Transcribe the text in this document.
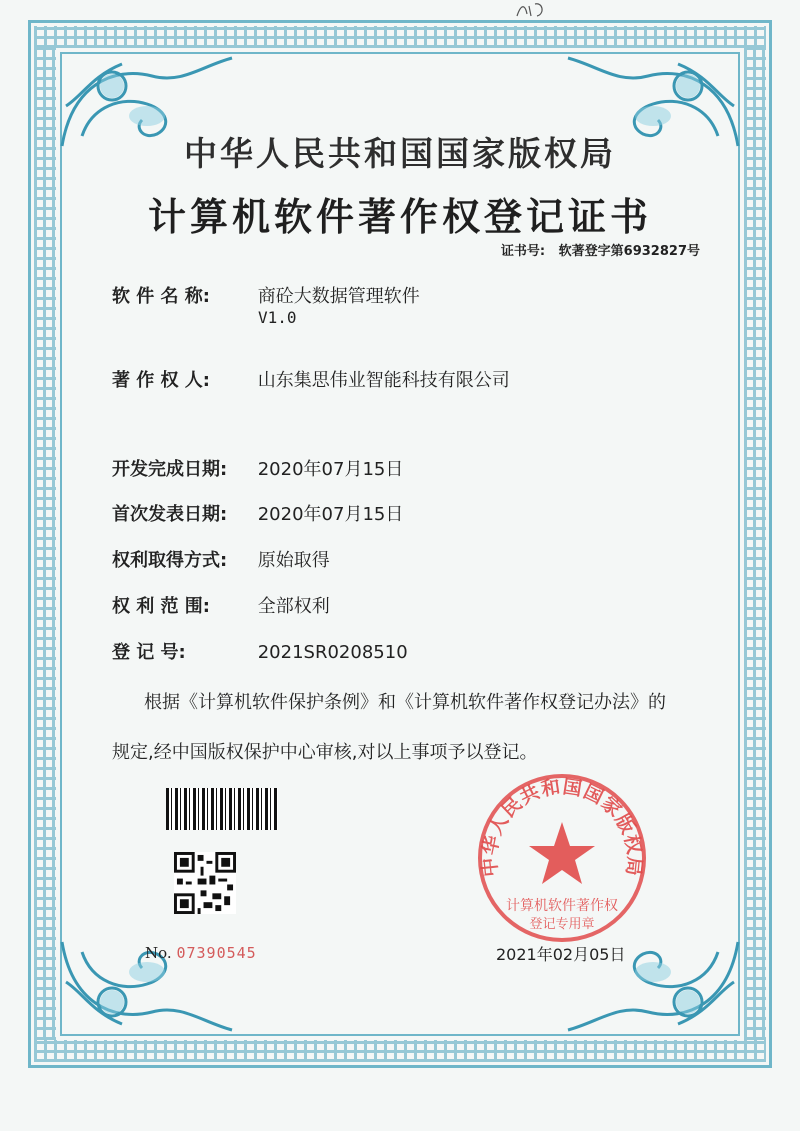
中华人民共和国国家版权局
计算机软件著作权登记证书
证书号: 软著登字第6932827号
软 件 名 称:	商砼大数据管理软件
V1.0
著 作 权 人:	山东集思伟业智能科技有限公司
开发完成日期: 2020年07月15日
首次发表日期: 2020年07月15日
权利取得方式: 原始取得
权 利 范 围:	全部权利
登 记 号:	2021SR0208510
根据《计算机软件保护条例》和《计算机软件著作权登记办法》的
规定,经中国版权保护中心审核,对以上事项予以登记。
No. 07390545
中华人民共和国国家版权局
计算机软件著作权
登记专用章
2021年02月05日
